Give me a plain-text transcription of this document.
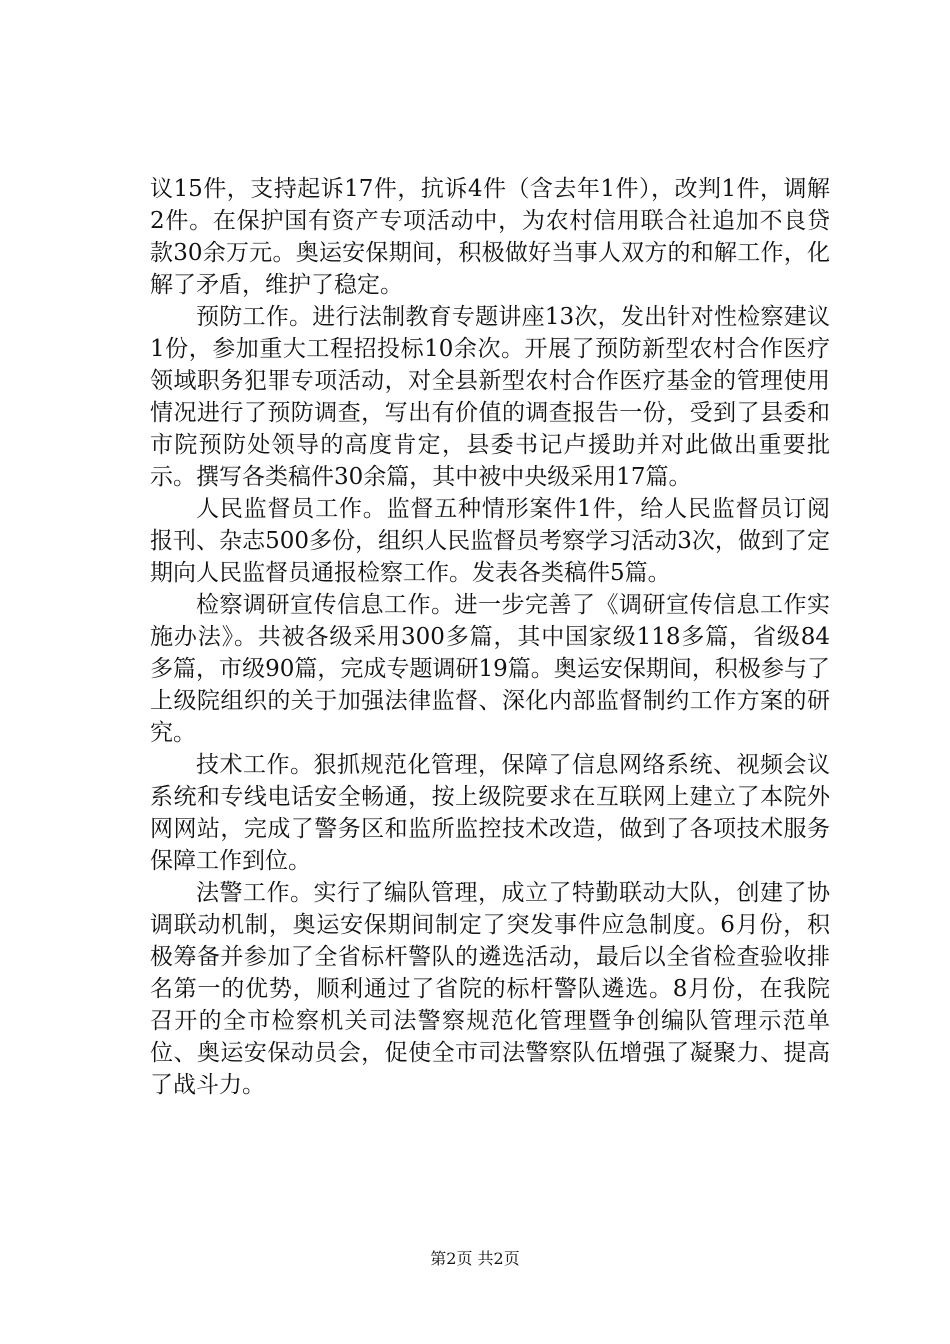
议15件，支持起诉17件，抗诉4件（含去年1件），改判1件，调解2件。在保护国有资产专项活动中，为农村信用联合社追加不良贷款30余万元。奥运安保期间，积极做好当事人双方的和解工作，化解了矛盾，维护了稳定。

预防工作。进行法制教育专题讲座13次，发出针对性检察建议1份，参加重大工程招投标10余次。开展了预防新型农村合作医疗领域职务犯罪专项活动，对全县新型农村合作医疗基金的管理使用情况进行了预防调查，写出有价值的调查报告一份，受到了县委和市院预防处领导的高度肯定，县委书记卢援助并对此做出重要批示。撰写各类稿件30余篇，其中被中央级采用17篇。

人民监督员工作。监督五种情形案件1件，给人民监督员订阅报刊、杂志500多份，组织人民监督员考察学习活动3次，做到了定期向人民监督员通报检察工作。发表各类稿件5篇。

检察调研宣传信息工作。进一步完善了《调研宣传信息工作实施办法》。共被各级采用300多篇，其中国家级118多篇，省级84多篇，市级90篇，完成专题调研19篇。奥运安保期间，积极参与了上级院组织的关于加强法律监督、深化内部监督制约工作方案的研究。

技术工作。狠抓规范化管理，保障了信息网络系统、视频会议系统和专线电话安全畅通，按上级院要求在互联网上建立了本院外网网站，完成了警务区和监所监控技术改造，做到了各项技术服务保障工作到位。

法警工作。实行了编队管理，成立了特勤联动大队，创建了协调联动机制，奥运安保期间制定了突发事件应急制度。6月份，积极筹备并参加了全省标杆警队的遴选活动，最后以全省检查验收排名第一的优势，顺利通过了省院的标杆警队遴选。8月份，在我院召开的全市检察机关司法警察规范化管理暨争创编队管理示范单位、奥运安保动员会，促使全市司法警察队伍增强了凝聚力、提高了战斗力。

第2页 共2页
